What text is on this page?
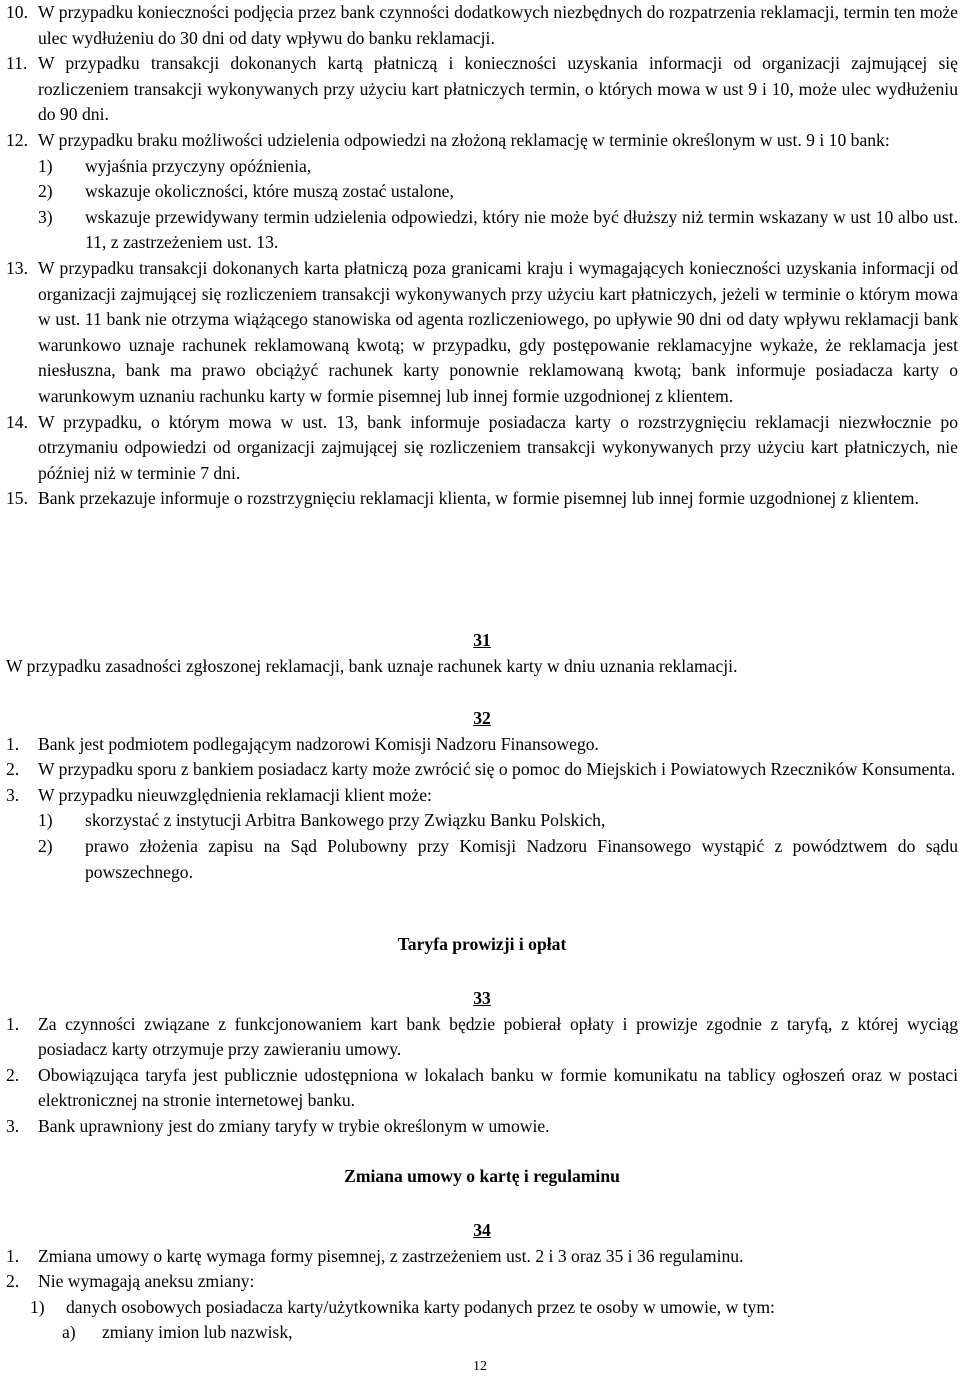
10. W przypadku konieczności podjęcia przez bank czynności dodatkowych niezbędnych do rozpatrzenia reklamacji, termin ten może ulec wydłużeniu do 30 dni od daty wpływu do banku reklamacji.
11. W przypadku transakcji dokonanych kartą płatniczą i konieczności uzyskania informacji od organizacji zajmującej się rozliczeniem transakcji wykonywanych przy użyciu kart płatniczych termin, o których mowa w ust 9 i 10, może ulec wydłużeniu do 90 dni.
12. W przypadku braku możliwości udzielenia odpowiedzi na złożoną reklamację w terminie określonym w ust. 9 i 10 bank:
1)	wyjaśnia przyczyny opóźnienia,
2)	wskazuje okoliczności, które muszą zostać ustalone,
3)	wskazuje przewidywany termin udzielenia odpowiedzi, który nie może być dłuższy niż termin wskazany w ust 10 albo ust. 11, z zastrzeżeniem ust. 13.
13. W przypadku transakcji dokonanych karta płatniczą poza granicami kraju i wymagających konieczności uzyskania informacji od organizacji zajmującej się rozliczeniem transakcji wykonywanych przy użyciu kart płatniczych, jeżeli w terminie o którym mowa w ust. 11 bank nie otrzyma wiążącego stanowiska od agenta rozliczeniowego, po upływie 90 dni od daty wpływu reklamacji bank warunkowo uznaje rachunek reklamowaną kwotą; w przypadku, gdy postępowanie reklamacyjne wykaże, że reklamacja jest niesłuszna, bank ma prawo obciążyć rachunek karty ponownie reklamowaną kwotą; bank informuje posiadacza karty o warunkowym uznaniu rachunku karty w formie pisemnej lub innej formie uzgodnionej z klientem.
14. W przypadku, o którym mowa w ust. 13, bank informuje posiadacza karty o rozstrzygnięciu reklamacji niezwłocznie po otrzymaniu odpowiedzi od organizacji zajmującej się rozliczeniem transakcji wykonywanych przy użyciu kart płatniczych, nie później niż w terminie 7 dni.
15. Bank przekazuje informuje o rozstrzygnięciu reklamacji klienta, w formie pisemnej lub innej formie uzgodnionej z klientem.
31
W przypadku zasadności zgłoszonej reklamacji, bank uznaje rachunek karty w dniu uznania reklamacji.
32
1.	Bank jest podmiotem podlegającym nadzorowi Komisji Nadzoru Finansowego.
2.	W przypadku sporu z bankiem posiadacz karty może zwrócić się o pomoc do Miejskich i Powiatowych Rzeczników Konsumenta.
3.	W przypadku nieuwzględnienia reklamacji klient może:
1)	skorzystać z instytucji Arbitra Bankowego przy Związku Banku Polskich,
2)	prawo złożenia zapisu na Sąd Polubowny przy Komisji Nadzoru Finansowego wystąpić z powództwem do sądu powszechnego.
Taryfa prowizji i opłat
33
1.	Za czynności związane z funkcjonowaniem kart bank będzie pobierał opłaty i prowizje zgodnie z taryfą, z której wyciąg posiadacz karty otrzymuje przy zawieraniu umowy.
2.	Obowiązująca taryfa jest publicznie udostępniona w lokalach banku w formie komunikatu na tablicy ogłoszeń oraz w postaci elektronicznej na stronie internetowej banku.
3.	Bank uprawniony jest do zmiany taryfy w trybie określonym w umowie.
Zmiana umowy o kartę i regulaminu
34
1.	Zmiana umowy o kartę wymaga formy pisemnej, z zastrzeżeniem ust. 2 i 3 oraz 35 i 36 regulaminu.
2.	Nie wymagają aneksu zmiany:
1)	danych osobowych posiadacza karty/użytkownika karty podanych przez te osoby w umowie, w tym:
a)	zmiany imion lub nazwisk,
12
